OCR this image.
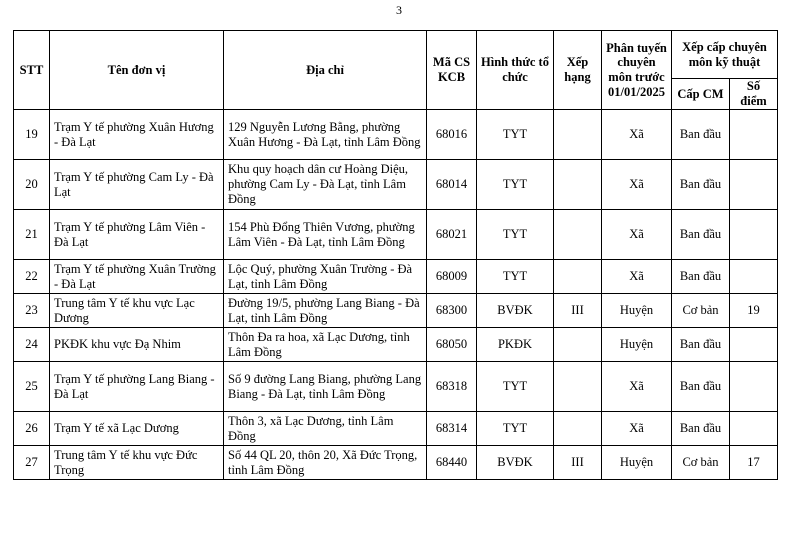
3
STT	Tên đơn vị	Địa chỉ	Mã CS KCB	Hình thức tổ chức	Xếp hạng	Phân tuyến chuyên môn trước 01/01/2025	Xếp cấp chuyên môn kỹ thuật	
							Cấp CM	Số điểm
19	Trạm Y tế phường Xuân Hương - Đà Lạt	129 Nguyễn Lương Bằng, phường Xuân Hương - Đà Lạt, tỉnh Lâm Đồng	68016	TYT		Xã	Ban đầu	
20	Trạm Y tế phường Cam Ly - Đà Lạt	Khu quy hoạch dân cư Hoàng Diệu, phường Cam Ly - Đà Lạt, tỉnh Lâm Đồng	68014	TYT		Xã	Ban đầu	
21	Trạm Y tế phường Lâm Viên - Đà Lạt	154 Phù Đổng Thiên Vương, phường Lâm Viên - Đà Lạt, tỉnh Lâm Đồng	68021	TYT		Xã	Ban đầu	
22	Trạm Y tế phường Xuân Trường - Đà Lạt	Lộc Quý, phường Xuân Trường - Đà Lạt, tỉnh Lâm Đồng	68009	TYT		Xã	Ban đầu	
23	Trung tâm Y tế khu vực Lạc Dương	Đường 19/5, phường Lang Biang - Đà Lạt, tỉnh Lâm Đồng	68300	BVĐK	III	Huyện	Cơ bản	19
24	PKĐK khu vực Đạ Nhim	Thôn Đa ra hoa, xã Lạc Dương, tỉnh Lâm Đồng	68050	PKĐK		Huyện	Ban đầu	
25	Trạm Y tế phường Lang Biang - Đà Lạt	Số 9 đường Lang Biang, phường Lang Biang - Đà Lạt, tỉnh Lâm Đồng	68318	TYT		Xã	Ban đầu	
26	Trạm Y tế xã Lạc Dương	Thôn 3, xã Lạc Dương, tỉnh Lâm Đồng	68314	TYT		Xã	Ban đầu	
27	Trung tâm Y tế khu vực Đức Trọng	Số 44 QL 20, thôn 20, Xã Đức Trọng, tỉnh Lâm Đồng	68440	BVĐK	III	Huyện	Cơ bản	17
